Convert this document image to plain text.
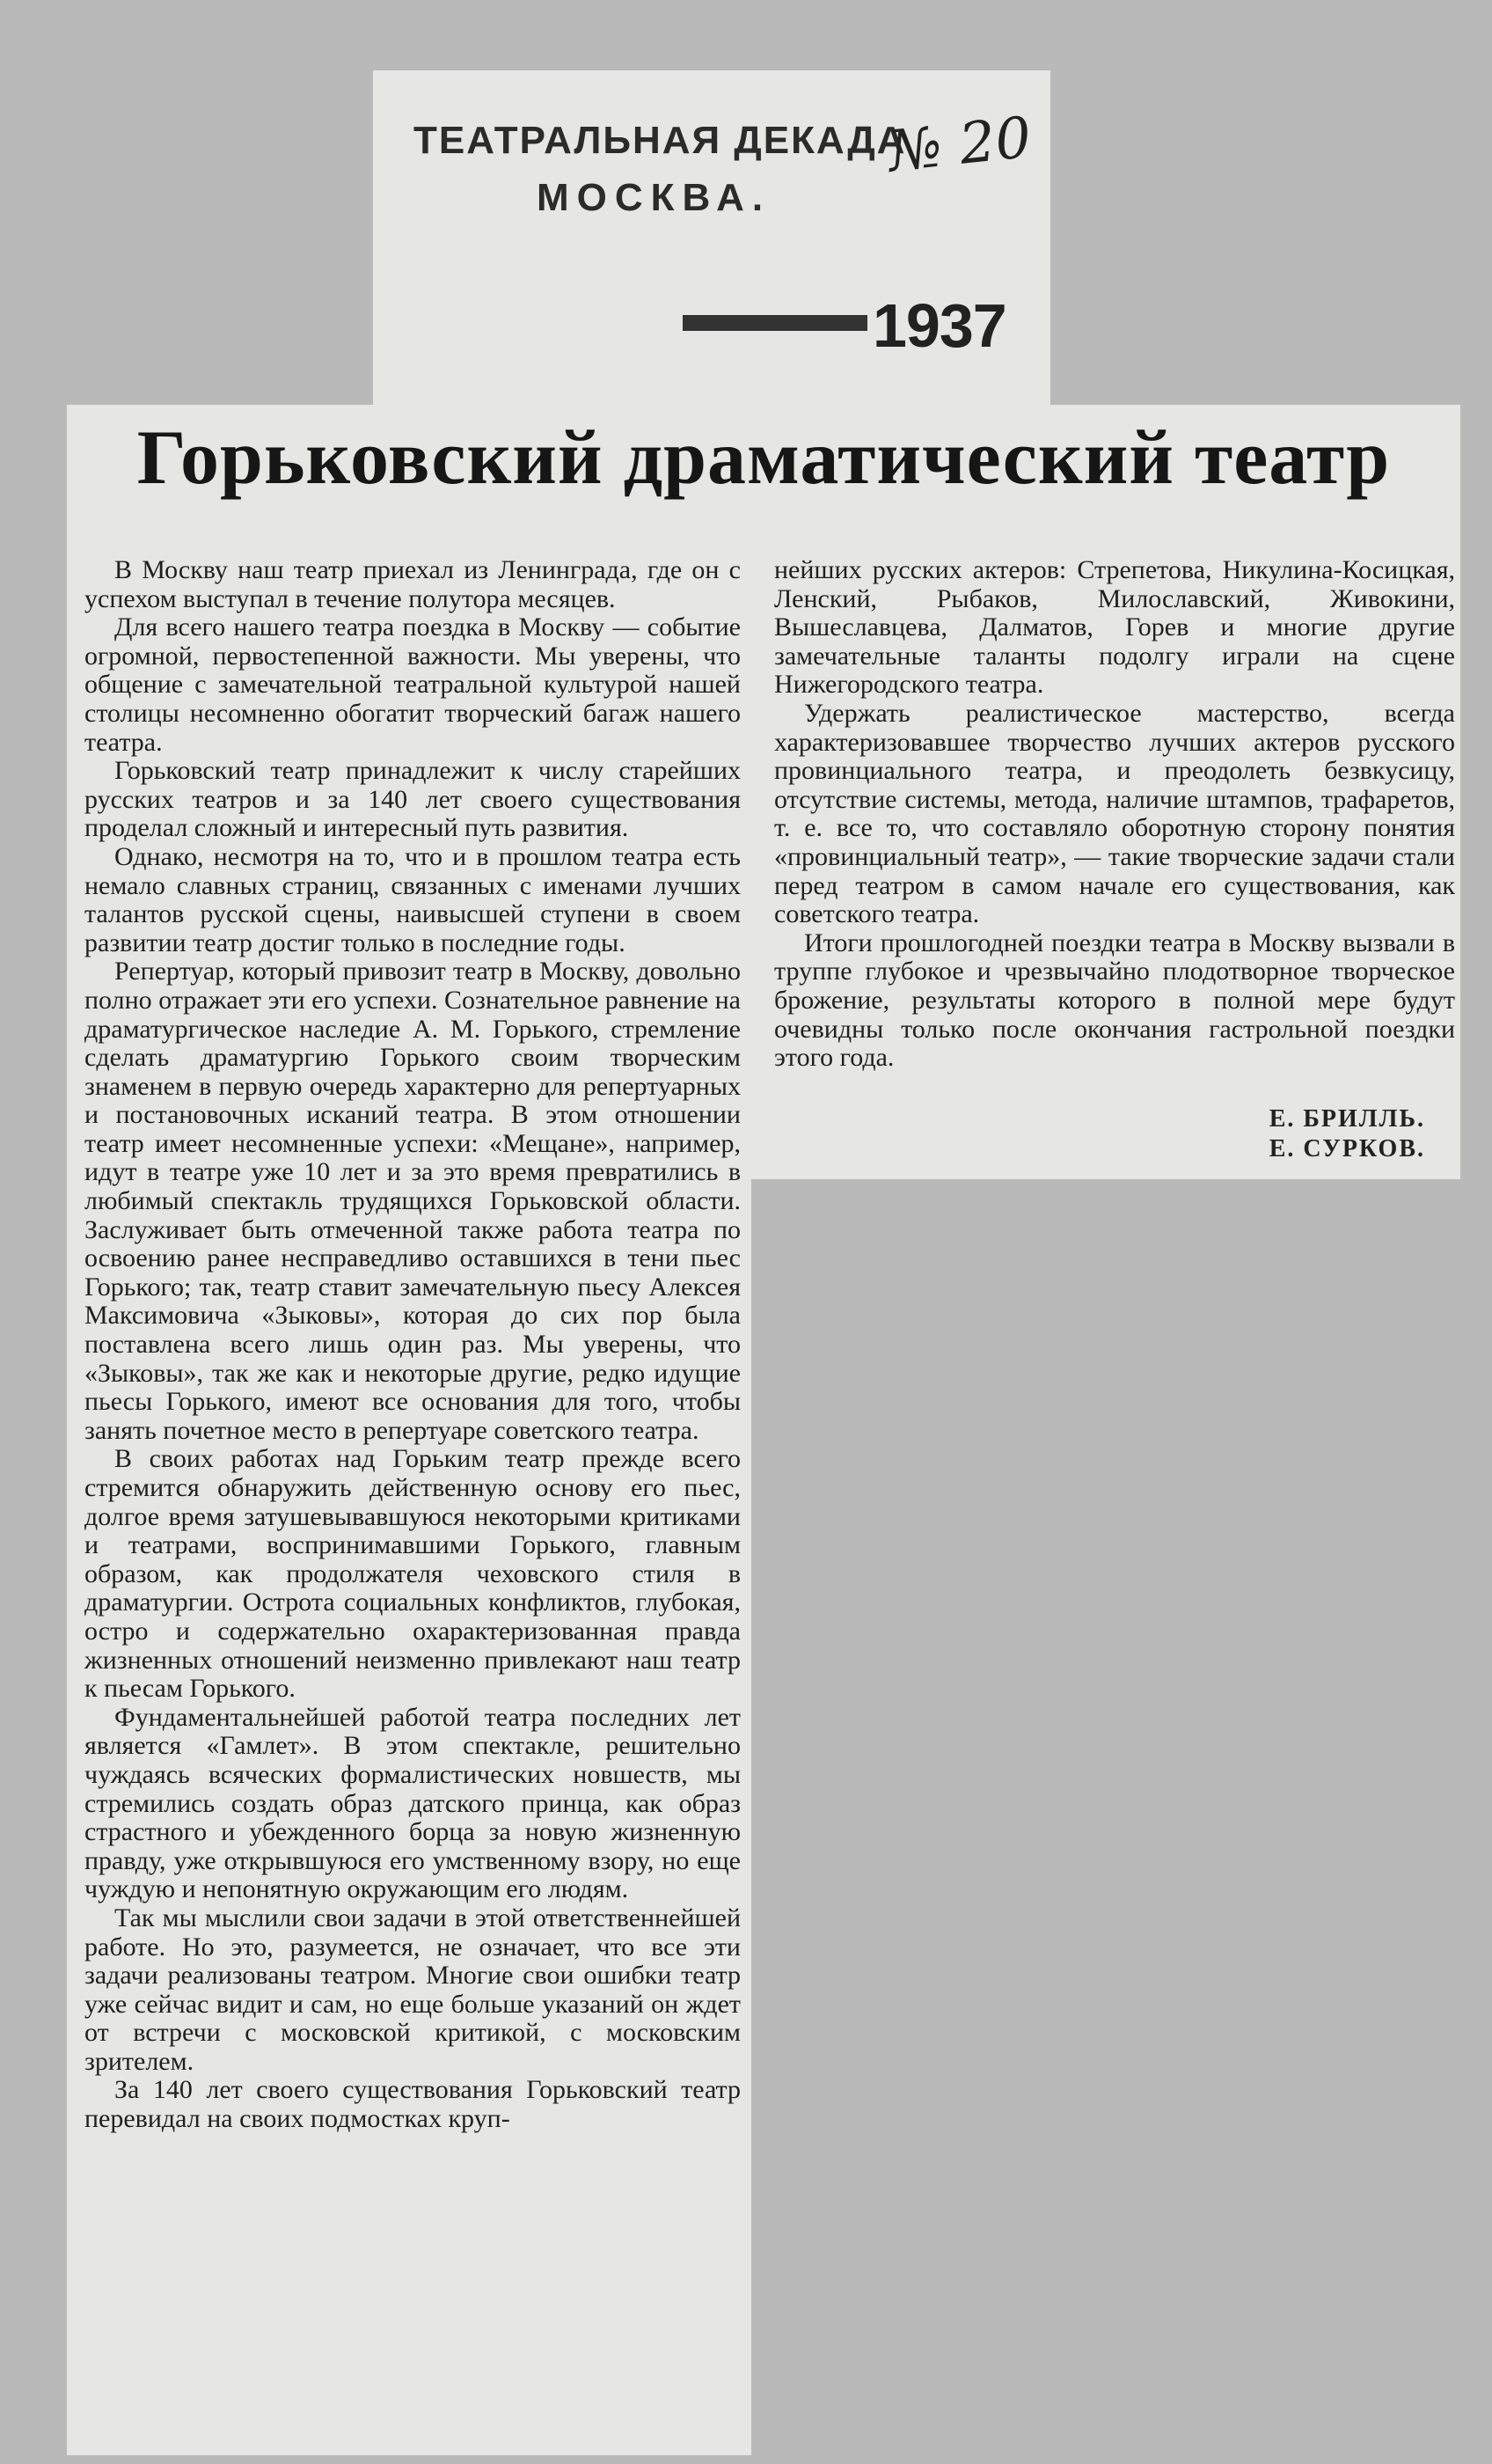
ТЕАТРАЛЬНАЯ ДЕКАДА
№ 20
МОСКВА.
1937
Горьковский драматический театр

В Москву наш театр приехал из Ленинграда, где он с успехом выступал в течение полутора месяцев.

Для всего нашего театра поездка в Москву — событие огромной, первостепенной важности. Мы уверены, что общение с замечательной театральной культурой нашей столицы несомненно обогатит творческий багаж нашего театра.

Горьковский театр принадлежит к числу старейших русских театров и за 140 лет своего существования проделал сложный и интересный путь развития.

Однако, несмотря на то, что и в прошлом театра есть немало славных страниц, связанных с именами лучших талантов русской сцены, наивысшей ступени в своем развитии театр достиг только в последние годы.

Репертуар, который привозит театр в Москву, довольно полно отражает эти его успехи. Сознательное равнение на драматургическое наследие А. М. Горького, стремление сделать драматургию Горького своим творческим знаменем в первую очередь характерно для репертуарных и постановочных исканий театра. В этом отношении театр имеет несомненные успехи: «Мещане», например, идут в театре уже 10 лет и за это время превратились в любимый спектакль трудящихся Горьковской области. Заслуживает быть отмеченной также работа театра по освоению ранее несправедливо оставшихся в тени пьес Горького; так, театр ставит замечательную пьесу Алексея Максимовича «Зыковы», которая до сих пор была поставлена всего лишь один раз. Мы уверены, что «Зыковы», так же как и некоторые другие, редко идущие пьесы Горького, имеют все основания для того, чтобы занять почетное место в репертуаре советского театра.

В своих работах над Горьким театр прежде всего стремится обнаружить действенную основу его пьес, долгое время затушевывавшуюся некоторыми критиками и театрами, воспринимавшими Горького, главным образом, как продолжателя чеховского стиля в драматургии. Острота социальных конфликтов, глубокая, остро и содержательно охарактеризованная правда жизненных отношений неизменно привлекают наш театр к пьесам Горького.

Фундаментальнейшей работой театра последних лет является «Гамлет». В этом спектакле, решительно чуждаясь всяческих формалистических новшеств, мы стремились создать образ датского принца, как образ страстного и убежденного борца за новую жизненную правду, уже открывшуюся его умственному взору, но еще чуждую и непонятную окружающим его людям.

Так мы мыслили свои задачи в этой ответственнейшей работе. Но это, разумеется, не означает, что все эти задачи реализованы театром. Многие свои ошибки театр уже сейчас видит и сам, но еще больше указаний он ждет от встречи с московской критикой, с московским зрителем.

За 140 лет своего существования Горьковский театр перевидал на своих подмостках круп-

нейших русских актеров: Стрепетова, Никулина-Косицкая, Ленский, Рыбаков, Милославский, Живокини, Вышеславцева, Далматов, Горев и многие другие замечательные таланты подолгу играли на сцене Нижегородского театра.

Удержать реалистическое мастерство, всегда характеризовавшее творчество лучших актеров русского провинциального театра, и преодолеть безвкусицу, отсутствие системы, метода, наличие штампов, трафаретов, т. е. все то, что составляло оборотную сторону понятия «провинциальный театр», — такие творческие задачи стали перед театром в самом начале его существования, как советского театра.

Итоги прошлогодней поездки театра в Москву вызвали в труппе глубокое и чрезвычайно плодотворное творческое брожение, результаты которого в полной мере будут очевидны только после окончания гастрольной поездки этого года.

Е. БРИЛЛЬ.
Е. СУРКОВ.
